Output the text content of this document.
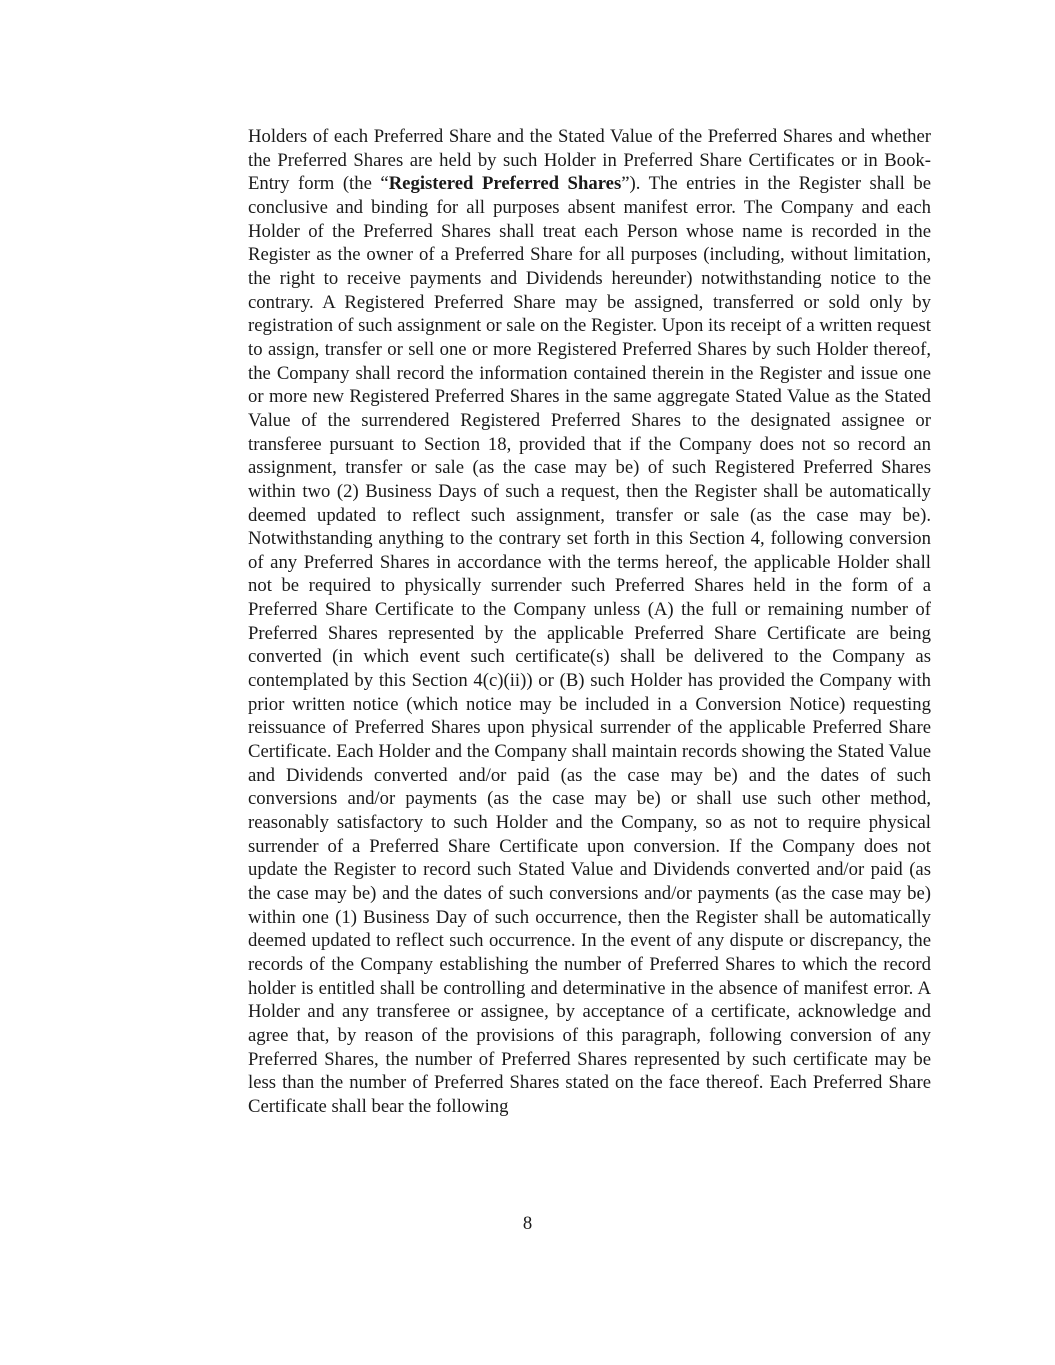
Holders of each Preferred Share and the Stated Value of the Preferred Shares and whether the Preferred Shares are held by such Holder in Preferred Share Certificates or in Book-Entry form (the “Registered Preferred Shares”). The entries in the Register shall be conclusive and binding for all purposes absent manifest error. The Company and each Holder of the Preferred Shares shall treat each Person whose name is recorded in the Register as the owner of a Preferred Share for all purposes (including, without limitation, the right to receive payments and Dividends hereunder) notwithstanding notice to the contrary. A Registered Preferred Share may be assigned, transferred or sold only by registration of such assignment or sale on the Register. Upon its receipt of a written request to assign, transfer or sell one or more Registered Preferred Shares by such Holder thereof, the Company shall record the information contained therein in the Register and issue one or more new Registered Preferred Shares in the same aggregate Stated Value as the Stated Value of the surrendered Registered Preferred Shares to the designated assignee or transferee pursuant to Section 18, provided that if the Company does not so record an assignment, transfer or sale (as the case may be) of such Registered Preferred Shares within two (2) Business Days of such a request, then the Register shall be automatically deemed updated to reflect such assignment, transfer or sale (as the case may be). Notwithstanding anything to the contrary set forth in this Section 4, following conversion of any Preferred Shares in accordance with the terms hereof, the applicable Holder shall not be required to physically surrender such Preferred Shares held in the form of a Preferred Share Certificate to the Company unless (A) the full or remaining number of Preferred Shares represented by the applicable Preferred Share Certificate are being converted (in which event such certificate(s) shall be delivered to the Company as contemplated by this Section 4(c)(ii)) or (B) such Holder has provided the Company with prior written notice (which notice may be included in a Conversion Notice) requesting reissuance of Preferred Shares upon physical surrender of the applicable Preferred Share Certificate. Each Holder and the Company shall maintain records showing the Stated Value and Dividends converted and/or paid (as the case may be) and the dates of such conversions and/or payments (as the case may be) or shall use such other method, reasonably satisfactory to such Holder and the Company, so as not to require physical surrender of a Preferred Share Certificate upon conversion. If the Company does not update the Register to record such Stated Value and Dividends converted and/or paid (as the case may be) and the dates of such conversions and/or payments (as the case may be) within one (1) Business Day of such occurrence, then the Register shall be automatically deemed updated to reflect such occurrence. In the event of any dispute or discrepancy, the records of the Company establishing the number of Preferred Shares to which the record holder is entitled shall be controlling and determinative in the absence of manifest error. A Holder and any transferee or assignee, by acceptance of a certificate, acknowledge and agree that, by reason of the provisions of this paragraph, following conversion of any Preferred Shares, the number of Preferred Shares represented by such certificate may be less than the number of Preferred Shares stated on the face thereof. Each Preferred Share Certificate shall bear the following

8
